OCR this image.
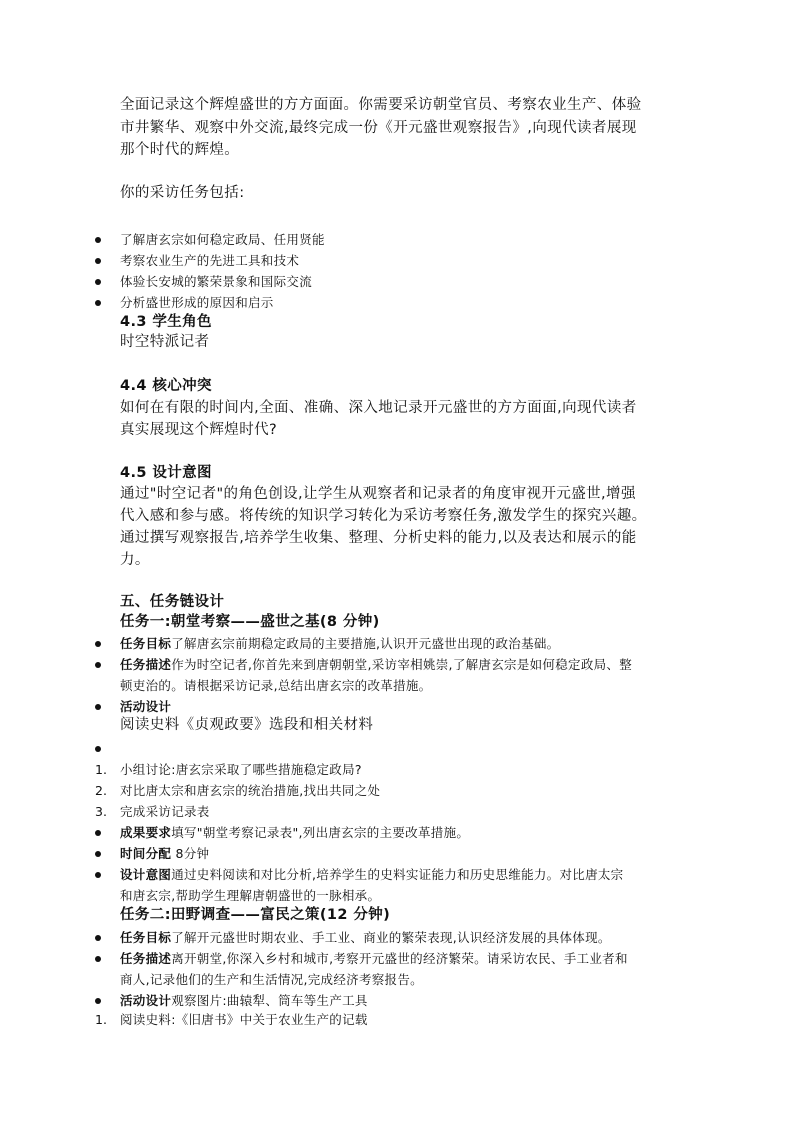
全面记录这个辉煌盛世的方方面面。你需要采访朝堂官员、考察农业生产、体验
市井繁华、观察中外交流,最终完成一份《开元盛世观察报告》,向现代读者展现
那个时代的辉煌。
你的采访任务包括:
了解唐玄宗如何稳定政局、任用贤能
考察农业生产的先进工具和技术
体验长安城的繁荣景象和国际交流
分析盛世形成的原因和启示
4.3 学生角色
时空特派记者
4.4 核心冲突
如何在有限的时间内,全面、准确、深入地记录开元盛世的方方面面,向现代读者
真实展现这个辉煌时代?
4.5 设计意图
通过"时空记者"的角色创设,让学生从观察者和记录者的角度审视开元盛世,增强
代入感和参与感。将传统的知识学习转化为采访考察任务,激发学生的探究兴趣。
通过撰写观察报告,培养学生收集、整理、分析史料的能力,以及表达和展示的能
力。
五、任务链设计
任务一:朝堂考察——盛世之基(8 分钟)
任务目标了解唐玄宗前期稳定政局的主要措施,认识开元盛世出现的政治基础。
任务描述作为时空记者,你首先来到唐朝朝堂,采访宰相姚崇,了解唐玄宗是如何稳定政局、整
顿吏治的。请根据采访记录,总结出唐玄宗的改革措施。
活动设计
阅读史料《贞观政要》选段和相关材料
1. 小组讨论:唐玄宗采取了哪些措施稳定政局?
2. 对比唐太宗和唐玄宗的统治措施,找出共同之处
3. 完成采访记录表
成果要求填写"朝堂考察记录表",列出唐玄宗的主要改革措施。
时间分配 8分钟
设计意图通过史料阅读和对比分析,培养学生的史料实证能力和历史思维能力。对比唐太宗
和唐玄宗,帮助学生理解唐朝盛世的一脉相承。
任务二:田野调查——富民之策(12 分钟)
任务目标了解开元盛世时期农业、手工业、商业的繁荣表现,认识经济发展的具体体现。
任务描述离开朝堂,你深入乡村和城市,考察开元盛世的经济繁荣。请采访农民、手工业者和
商人,记录他们的生产和生活情况,完成经济考察报告。
活动设计观察图片:曲辕犁、筒车等生产工具
1. 阅读史料:《旧唐书》中关于农业生产的记载
